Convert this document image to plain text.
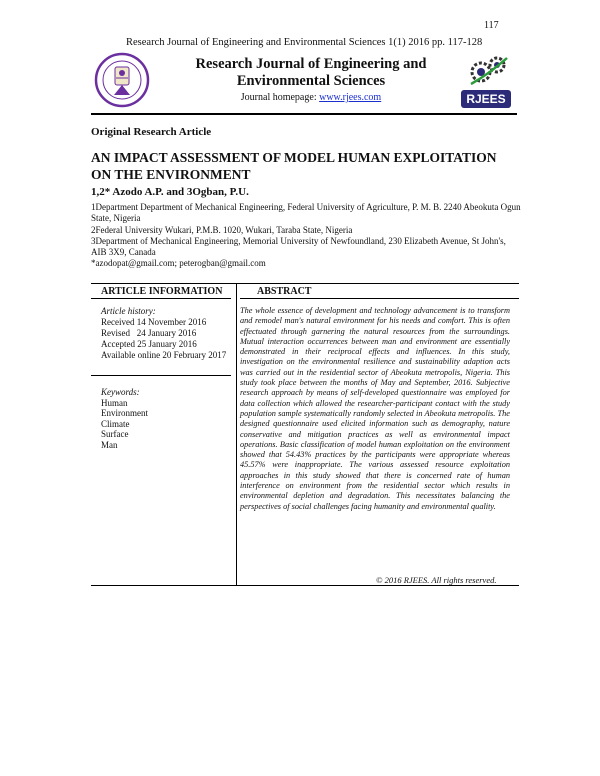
117
Research Journal of Engineering and Environmental Sciences 1(1) 2016 pp. 117-128
Research Journal of Engineering and Environmental Sciences
Journal homepage: www.rjees.com	RJEES
Original Research Article
AN IMPACT ASSESSMENT OF MODEL HUMAN EXPLOITATION ON THE ENVIRONMENT
1,2* Azodo A.P. and 3Ogban, P.U.
1Department Department of Mechanical Engineering, Federal University of Agriculture, P. M. B. 2240 Abeokuta Ogun State, Nigeria
2Federal University Wukari, P.M.B. 1020, Wukari, Taraba State, Nigeria
3Department of Mechanical Engineering, Memorial University of Newfoundland, 230 Elizabeth Avenue, St John's, AIB 3X9, Canada
*azodopat@gmail.com; peterogban@gmail.com
ARTICLE INFORMATION	ABSTRACT
Article history:
Received 14 November 2016
Revised   24 January 2016
Accepted 25 January 2016
Available online 20 February 2017
Keywords:
Human
Environment
Climate
Surface
Man
The whole essence of development and technology advancement is to transform and remodel man's natural environment for his needs and comfort. This is often effectuated through garnering the natural resources from the surroundings. Mutual interaction occurrences between man and environment are essentially demonstrated in their reciprocal effects and influences. In this study, investigation on the environmental resilience and sustainability adaption acts was carried out in the residential sector of Abeokuta metropolis, Nigeria. This study took place between the months of May and September, 2016. Subjective research approach by means of self-developed questionnaire was employed for data collection which allowed the researcher-participant contact with the study population sample systematically randomly selected in Abeokuta metropolis. The designed questionnaire used elicited information such as demography, nature conservative and mitigation practices as well as environmental impact operations. Basic classification of model human exploitation on the environment showed that 54.43% practices by the participants were appropriate whereas 45.57% were inappropriate. The various assessed resource exploitation approaches in this study showed that there is concerned rate of human interference on environment from the residential sector which results in environmental depletion and degradation. This necessitates balancing the perspectives of social challenges facing humanity and environmental quality.
© 2016 RJEES. All rights reserved.
